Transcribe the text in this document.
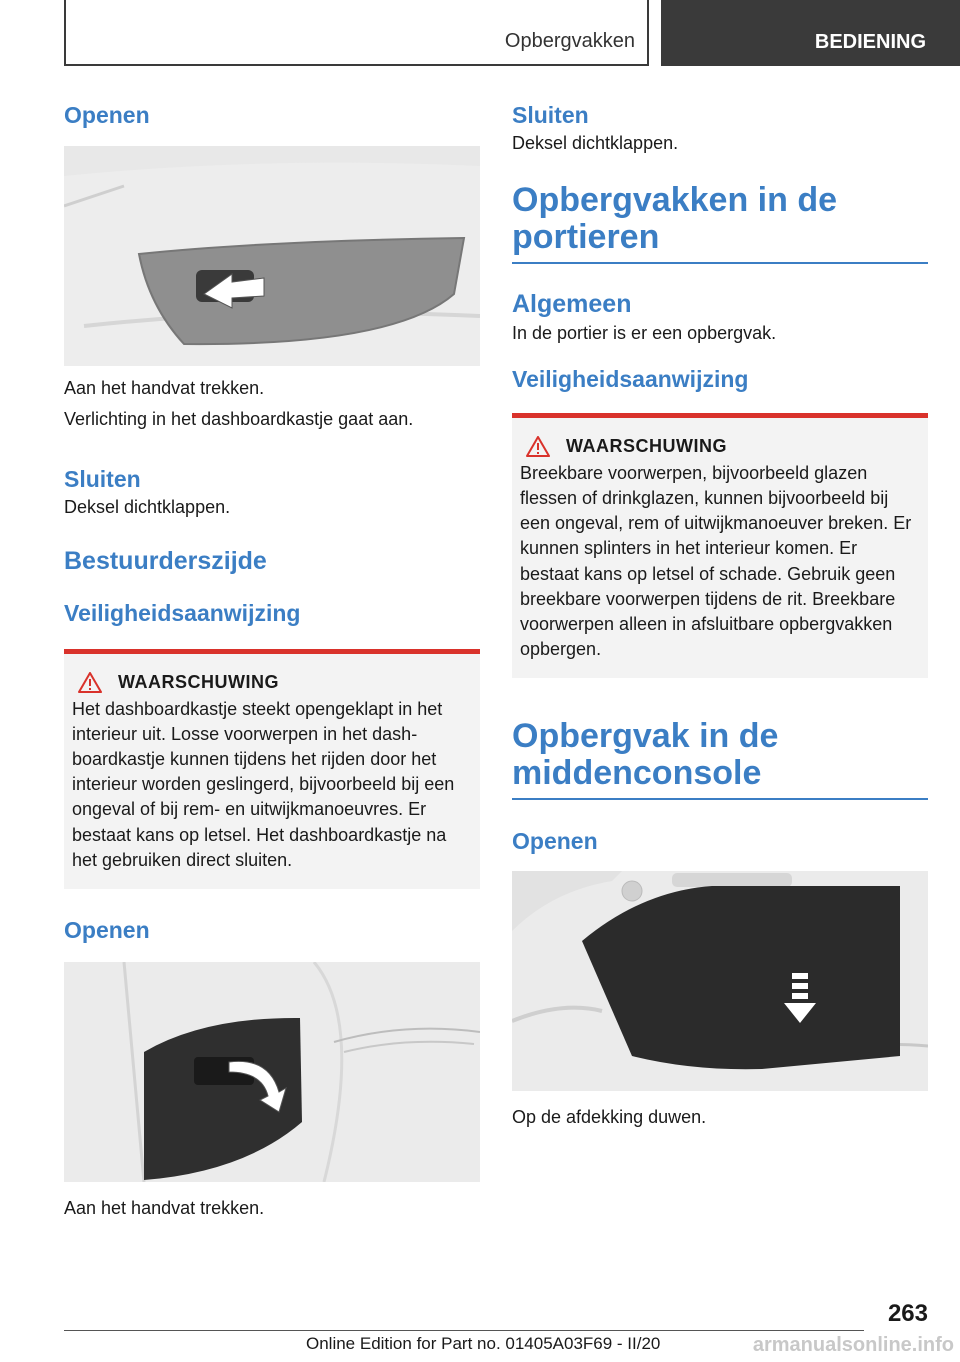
Opbergvakken	BEDIENING
Openen

Aan het handvat trekken.

Verlichting in het dashboardkastje gaat aan.

Sluiten

Deksel dichtklappen.

Bestuurderszijde
Veiligheidsaanwijzing
WAARSCHUWING

Het dashboardkastje steekt opengeklapt in het interieur uit. Losse voorwerpen in het dash‐ boardkastje kunnen tijdens het rijden door het interieur worden geslingerd, bijvoorbeeld bij een ongeval of bij rem- en uitwijkmanoeuvres. Er bestaat kans op letsel. Het dashboardkastje na het gebruiken direct sluiten.

Openen

Aan het handvat trekken.

Sluiten

Deksel dichtklappen.

Opbergvakken in de portieren
Algemeen

In de portier is er een opbergvak.

Veiligheidsaanwijzing
WAARSCHUWING

Breekbare voorwerpen, bijvoorbeeld glazen flessen of drinkglazen, kunnen bijvoorbeeld bij een ongeval, rem of uitwijkmanoeuver breken. Er kunnen splinters in het interieur komen. Er bestaat kans op letsel of schade. Gebruik geen breekbare voorwerpen tijdens de rit. Breekbare voorwerpen alleen in afsluitbare opbergvakken opbergen.

Opbergvak in de middenconsole
Openen

Op de afdekking duwen.

263
Online Edition for Part no. 01405A03F69 - II/20	armanualsonline.info
